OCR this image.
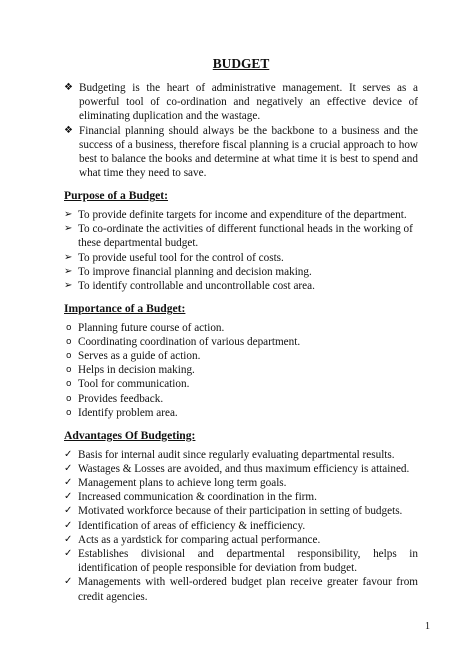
BUDGET
❖ Budgeting is the heart of administrative management. It serves as a powerful tool of co-ordination and negatively an effective device of eliminating duplication and the wastage.
❖ Financial planning should always be the backbone to a business and the success of a business, therefore fiscal planning is a crucial approach to how best to balance the books and determine at what time it is best to spend and what time they need to save.
Purpose of a Budget:
➢ To provide definite targets for income and expenditure of the department.
➢ To co-ordinate the activities of different functional heads in the working of these departmental budget.
➢ To provide useful tool for the control of costs.
➢ To improve financial planning and decision making.
➢ To identify controllable and uncontrollable cost area.
Importance of a Budget:
o Planning future course of action.
o Coordinating coordination of various department.
o Serves as a guide of action.
o Helps in decision making.
o Tool for communication.
o Provides feedback.
o Identify problem area.
Advantages Of Budgeting:
✓ Basis for internal audit since regularly evaluating departmental results.
✓ Wastages & Losses are avoided, and thus maximum efficiency is attained.
✓ Management plans to achieve long term goals.
✓ Increased communication & coordination in the firm.
✓ Motivated workforce because of their participation in setting of budgets.
✓ Identification of areas of efficiency & inefficiency.
✓ Acts as a yardstick for comparing actual performance.
✓ Establishes divisional and departmental responsibility, helps in identification of people responsible for deviation from budget.
✓ Managements with well-ordered budget plan receive greater favour from credit agencies.
1
